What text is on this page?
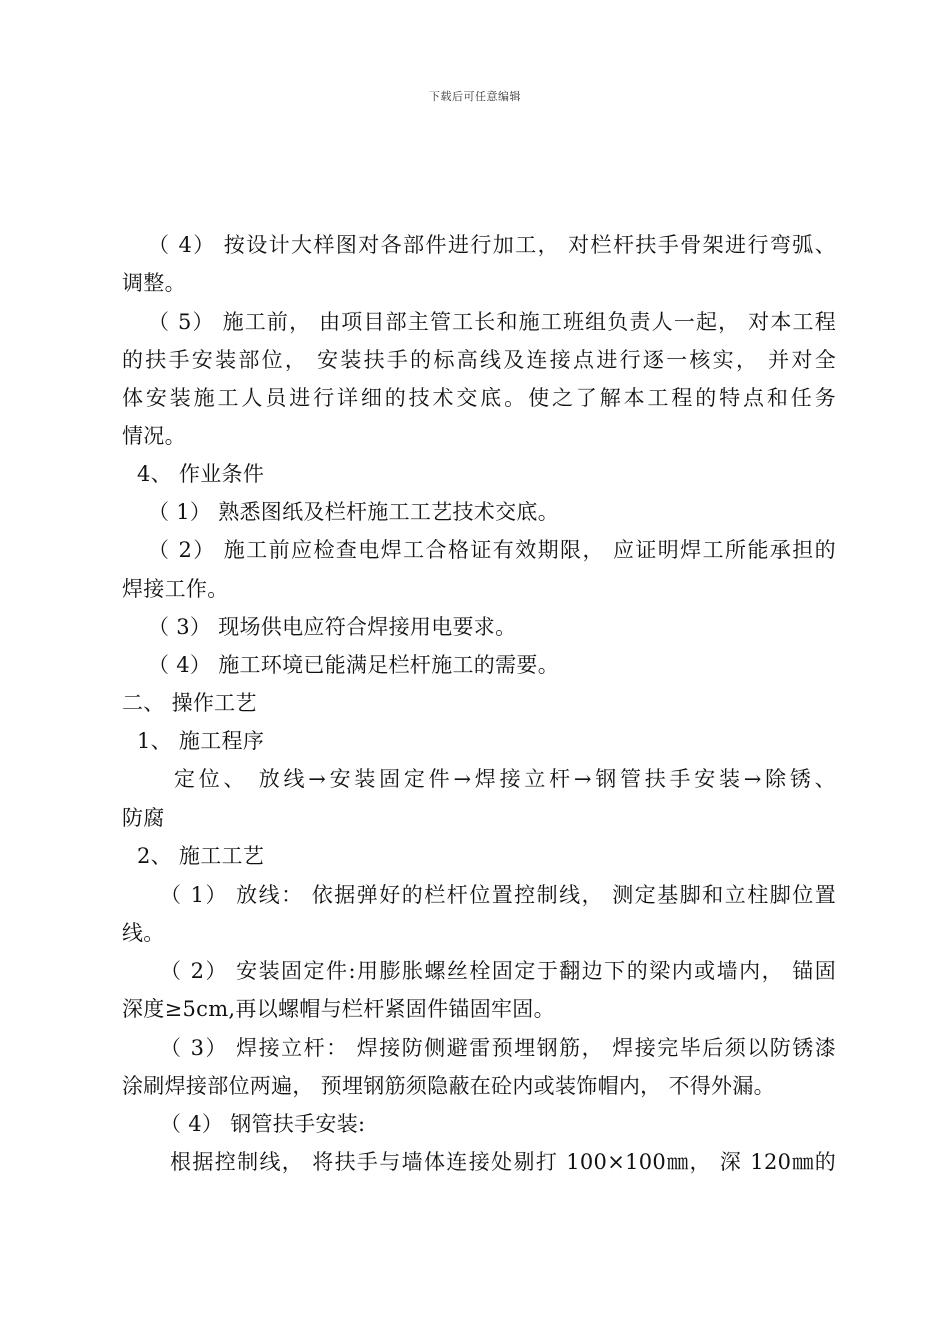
下载后可任意编辑
（ 4） 按设计大样图对各部件进行加工， 对栏杆扶手骨架进行弯弧、
调整。
（ 5） 施工前， 由项目部主管工长和施工班组负责人一起， 对本工程
的扶手安装部位， 安装扶手的标高线及连接点进行逐一核实， 并对全
体安装施工人员进行详细的技术交底。使之了解本工程的特点和任务
情况。
4、 作业条件
（ 1） 熟悉图纸及栏杆施工工艺技术交底。
（ 2） 施工前应检查电焊工合格证有效期限， 应证明焊工所能承担的
焊接工作。
（ 3） 现场供电应符合焊接用电要求。
（ 4） 施工环境已能满足栏杆施工的需要。
二、 操作工艺
1、 施工程序
定位、 放线→安装固定件→焊接立杆→钢管扶手安装→除锈、
防腐
2、 施工工艺
（ 1） 放线： 依据弹好的栏杆位置控制线， 测定基脚和立柱脚位置
线。
（ 2） 安装固定件:用膨胀螺丝栓固定于翻边下的梁内或墙内， 锚固
深度≥5cm,再以螺帽与栏杆紧固件锚固牢固。
（ 3） 焊接立杆： 焊接防侧避雷预埋钢筋， 焊接完毕后须以防锈漆
涂刷焊接部位两遍， 预埋钢筋须隐蔽在砼内或装饰帽内， 不得外漏。
（ 4） 钢管扶手安装:
根据控制线， 将扶手与墙体连接处剔打 100×100㎜， 深 120㎜的
